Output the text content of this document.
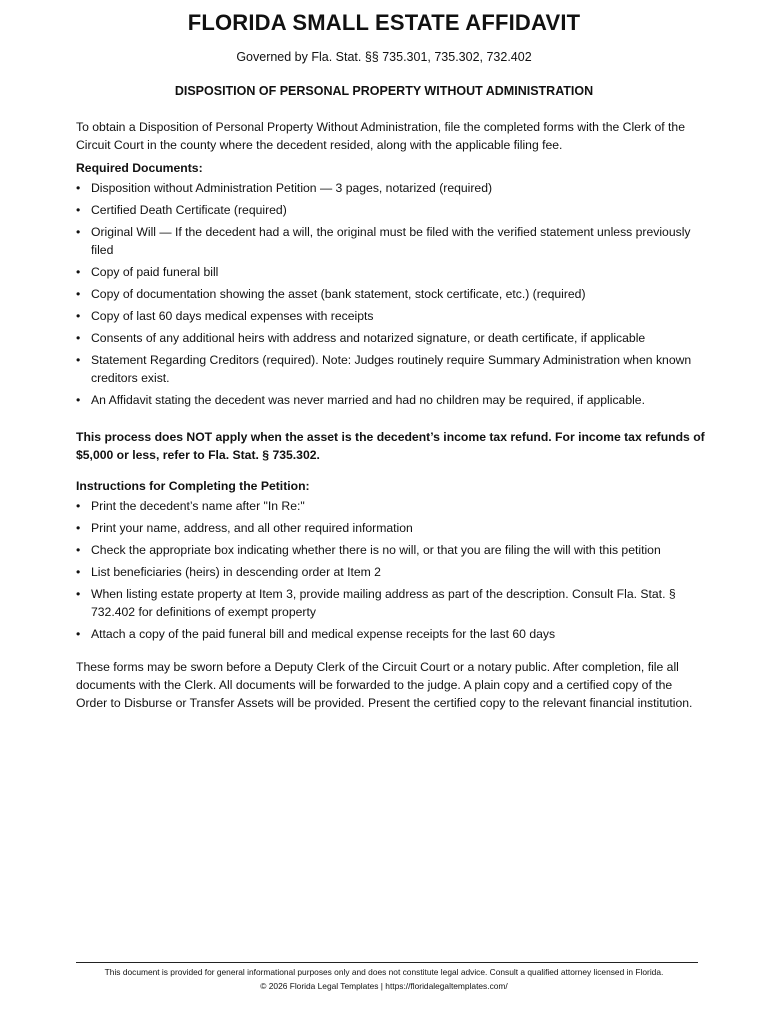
FLORIDA SMALL ESTATE AFFIDAVIT
Governed by Fla. Stat. §§ 735.301, 735.302, 732.402
DISPOSITION OF PERSONAL PROPERTY WITHOUT ADMINISTRATION
To obtain a Disposition of Personal Property Without Administration, file the completed forms with the Clerk of the Circuit Court in the county where the decedent resided, along with the applicable filing fee.
Required Documents:
• Disposition without Administration Petition — 3 pages, notarized (required)
• Certified Death Certificate (required)
• Original Will — If the decedent had a will, the original must be filed with the verified statement unless previously filed
• Copy of paid funeral bill
• Copy of documentation showing the asset (bank statement, stock certificate, etc.) (required)
• Copy of last 60 days medical expenses with receipts
• Consents of any additional heirs with address and notarized signature, or death certificate, if applicable
• Statement Regarding Creditors (required). Note: Judges routinely require Summary Administration when known creditors exist.
• An Affidavit stating the decedent was never married and had no children may be required, if applicable.
This process does NOT apply when the asset is the decedent’s income tax refund. For income tax refunds of $5,000 or less, refer to Fla. Stat. § 735.302.
Instructions for Completing the Petition:
• Print the decedent’s name after "In Re:"
• Print your name, address, and all other required information
• Check the appropriate box indicating whether there is no will, or that you are filing the will with this petition
• List beneficiaries (heirs) in descending order at Item 2
• When listing estate property at Item 3, provide mailing address as part of the description. Consult Fla. Stat. § 732.402 for definitions of exempt property
• Attach a copy of the paid funeral bill and medical expense receipts for the last 60 days
These forms may be sworn before a Deputy Clerk of the Circuit Court or a notary public. After completion, file all documents with the Clerk. All documents will be forwarded to the judge. A plain copy and a certified copy of the Order to Disburse or Transfer Assets will be provided. Present the certified copy to the relevant financial institution.
This document is provided for general informational purposes only and does not constitute legal advice. Consult a qualified attorney licensed in Florida.
© 2026 Florida Legal Templates | https://floridalegaltemplates.com/
